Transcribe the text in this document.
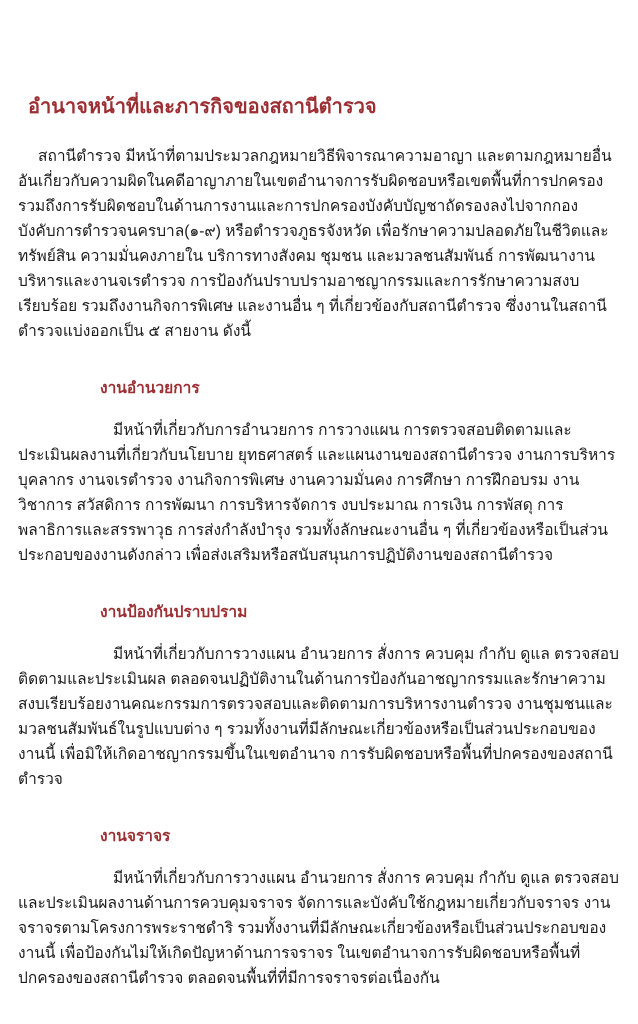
อำนาจหน้าที่และภารกิจของสถานีตำรวจ

สถานีตำรวจ มีหน้าที่ตามประมวลกฎหมายวิธีพิจารณาความอาญา และตามกฎหมายอื่นอันเกี่ยวกับความผิดในคดีอาญาภายในเขตอำนาจการรับผิดชอบหรือเขตพื้นที่การปกครอง รวมถึงการรับผิดชอบในด้านการงานและการปกครองบังคับบัญชาถัดรองลงไปจากกองบังคับการตำรวจนครบาล(๑-๙) หรือตำรวจภูธรจังหวัด เพื่อรักษาความปลอดภัยในชีวิตและทรัพย์สิน ความมั่นคงภายใน บริการทางสังคม ชุมชน และมวลชนสัมพันธ์ การพัฒนางานบริหารและงานจเรตำรวจ การป้องกันปราบปรามอาชญากรรมและการรักษาความสงบเรียบร้อย รวมถึงงานกิจการพิเศษ และงานอื่น ๆ ที่เกี่ยวข้องกับสถานีตำรวจ ซึ่งงานในสถานีตำรวจแบ่งออกเป็น ๕ สายงาน ดังนี้

งานอำนวยการ

มีหน้าที่เกี่ยวกับการอำนวยการ การวางแผน การตรวจสอบติดตามและประเมินผลงานที่เกี่ยวกับนโยบาย ยุทธศาสตร์ และแผนงานของสถานีตำรวจ งานการบริหารบุคลากร งานจเรตำรวจ งานกิจการพิเศษ งานความมั่นคง การศึกษา การฝึกอบรม งานวิชาการ สวัสดิการ การพัฒนา การบริหารจัดการ งบประมาณ การเงิน การพัสดุ การพลาธิการและสรรพาวุธ การส่งกำลังบำรุง รวมทั้งลักษณะงานอื่น ๆ ที่เกี่ยวข้องหรือเป็นส่วนประกอบของงานดังกล่าว เพื่อส่งเสริมหรือสนับสนุนการปฏิบัติงานของสถานีตำรวจ

งานป้องกันปราบปราม

มีหน้าที่เกี่ยวกับการวางแผน อำนวยการ สั่งการ ควบคุม กำกับ ดูแล ตรวจสอบติดตามและประเมินผล ตลอดจนปฏิบัติงานในด้านการป้องกันอาชญากรรมและรักษาความสงบเรียบร้อยงานคณะกรรมการตรวจสอบและติดตามการบริหารงานตำรวจ งานชุมชนและมวลชนสัมพันธ์ในรูปแบบต่าง ๆ รวมทั้งงานที่มีลักษณะเกี่ยวข้องหรือเป็นส่วนประกอบของงานนี้ เพื่อมิให้เกิดอาชญากรรมขึ้นในเขตอำนาจ การรับผิดชอบหรือพื้นที่ปกครองของสถานีตำรวจ

งานจราจร

มีหน้าที่เกี่ยวกับการวางแผน อำนวยการ สั่งการ ควบคุม กำกับ ดูแล ตรวจสอบและประเมินผลงานด้านการควบคุมจราจร จัดการและบังคับใช้กฎหมายเกี่ยวกับจราจร งานจราจรตามโครงการพระราชดำริ รวมทั้งงานที่มีลักษณะเกี่ยวข้องหรือเป็นส่วนประกอบของงานนี้ เพื่อป้องกันไม่ให้เกิดปัญหาด้านการจราจร ในเขตอำนาจการรับผิดชอบหรือพื้นที่ปกครองของสถานีตำรวจ ตลอดจนพื้นที่ที่มีการจราจรต่อเนื่องกัน
